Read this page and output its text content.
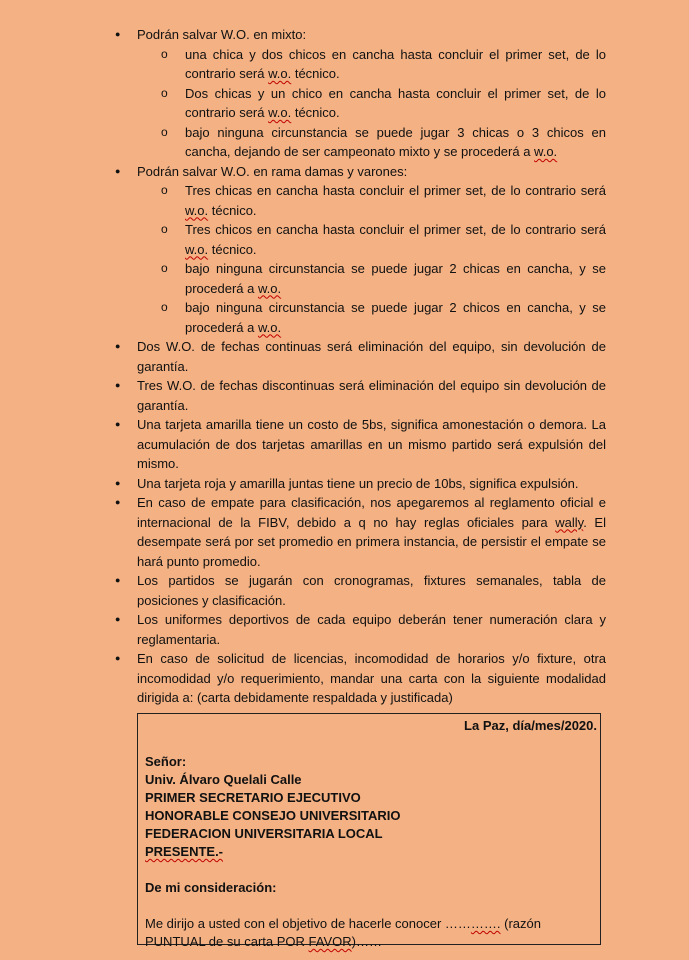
● Podrán salvar W.O. en mixto:
o una chica y dos chicos en cancha hasta concluir el primer set, de lo contrario será w.o. técnico.
o Dos chicas y un chico en cancha hasta concluir el primer set, de lo contrario será w.o. técnico.
o bajo ninguna circunstancia se puede jugar 3 chicas o 3 chicos en cancha, dejando de ser campeonato mixto y se procederá a w.o.
● Podrán salvar W.O. en rama damas y varones:
o Tres chicas en cancha hasta concluir el primer set, de lo contrario será w.o. técnico.
o Tres chicos en cancha hasta concluir el primer set, de lo contrario será w.o. técnico.
o bajo ninguna circunstancia se puede jugar 2 chicas en cancha, y se procederá a w.o.
o bajo ninguna circunstancia se puede jugar 2 chicos en cancha, y se procederá a w.o.
● Dos W.O. de fechas continuas será eliminación del equipo, sin devolución de garantía.
● Tres W.O. de fechas discontinuas será eliminación del equipo sin devolución de garantía.
● Una tarjeta amarilla tiene un costo de 5bs, significa amonestación o demora. La acumulación de dos tarjetas amarillas en un mismo partido será expulsión del mismo.
● Una tarjeta roja y amarilla juntas tiene un precio de 10bs, significa expulsión.
● En caso de empate para clasificación, nos apegaremos al reglamento oficial e internacional de la FIBV, debido a q no hay reglas oficiales para wally. El desempate será por set promedio en primera instancia, de persistir el empate se hará punto promedio.
● Los partidos se jugarán con cronogramas, fixtures semanales, tabla de posiciones y clasificación.
● Los uniformes deportivos de cada equipo deberán tener numeración clara y reglamentaria.
● En caso de solicitud de licencias, incomodidad de horarios y/o fixture, otra incomodidad y/o requerimiento, mandar una carta con la siguiente modalidad dirigida a: (carta debidamente respaldada y justificada)
La Paz, día/mes/2020.
Señor:
Univ. Álvaro Quelali Calle
PRIMER SECRETARIO EJECUTIVO
HONORABLE CONSEJO UNIVERSITARIO
FEDERACION UNIVERSITARIA LOCAL
PRESENTE.-
De mi consideración:
Me dirijo a usted con el objetivo de hacerle conocer …………. (razón PUNTUAL de su carta POR FAVOR)……
